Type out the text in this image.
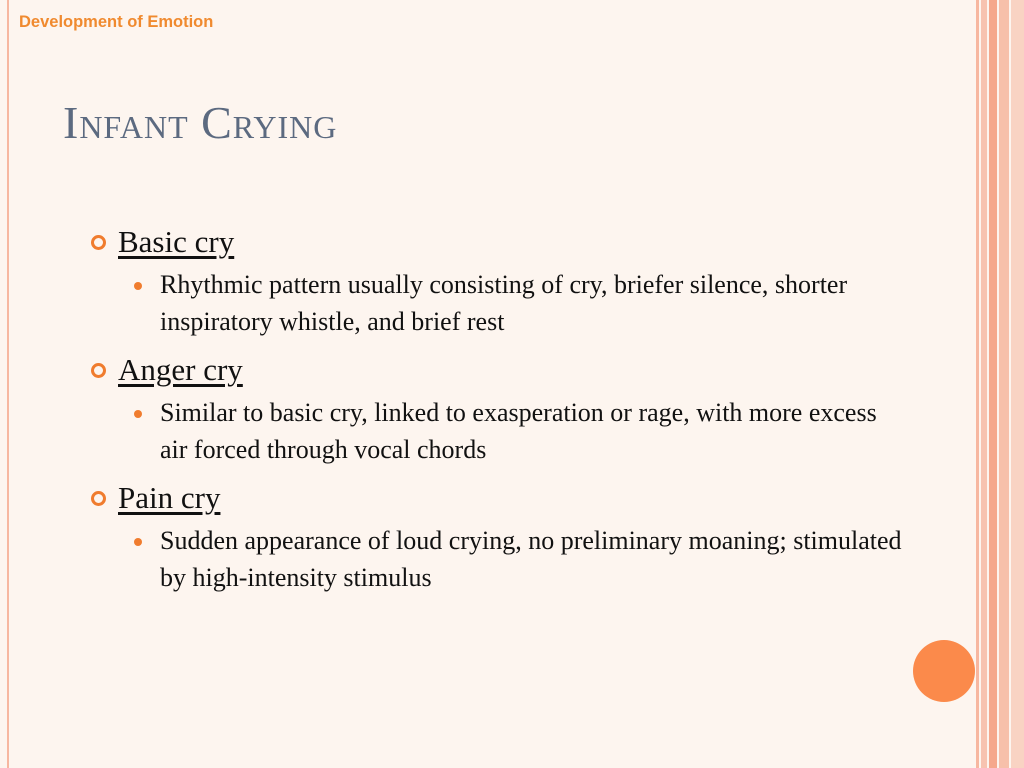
Development of Emotion
Infant Crying
Basic cry
Rhythmic pattern usually consisting of cry, briefer silence, shorter inspiratory whistle, and brief rest
Anger cry
Similar to basic cry, linked to exasperation or rage, with more excess air forced through vocal chords
Pain cry
Sudden appearance of loud crying, no preliminary moaning; stimulated by high-intensity stimulus
